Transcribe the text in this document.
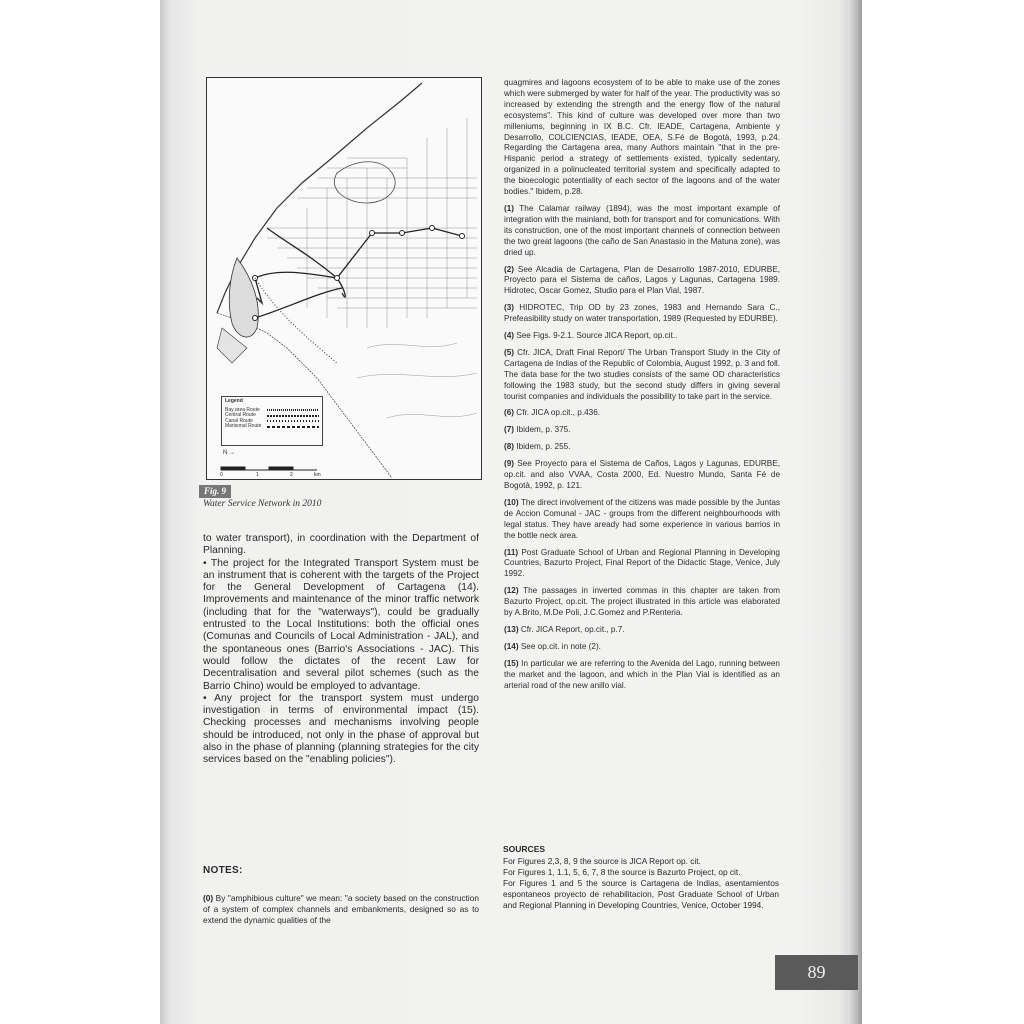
Legend
Bay area Route
Central Route
Canal Route
Marisonal Route
N →
0	1	2	km
Fig. 9
Water Service Network in 2010

to water transport), in coordination with the Department of Planning.

• The project for the Integrated Transport System must be an instrument that is coherent with the targets of the Project for the General Development of Cartagena (14). Improvements and maintenance of the minor traffic network (including that for the "waterways"), could be gradually entrusted to the Local Institutions: both the official ones (Comunas and Councils of Local Administration - JAL), and the spontaneous ones (Barrio's Associations - JAC). This would follow the dictates of the recent Law for Decentralisation and several pilot schemes (such as the Barrio Chino) would be employed to advantage.

• Any project for the transport system must undergo investigation in terms of environmental impact (15). Checking processes and mechanisms involving people should be introduced, not only in the phase of approval but also in the phase of planning (planning strategies for the city services based on the "enabling policies").

NOTES:
(0) By "amphibious culture" we mean: "a society based on the construction of a system of complex channels and embankments, designed so as to extend the dynamic qualities of the

quagmires and lagoons ecosystem of to be able to make use of the zones which were submerged by water for half of the year. The productivity was so increased by extending the strength and the energy flow of the natural ecosystems". This kind of culture was developed over more than two milleniums, beginning in IX B.C. Cfr. IEADE, Cartagena, Ambiente y Desarrollo, COLCIENCIAS, IEADE, OEA, S.Fé de Bogotà, 1993, p.24. Regarding the Cartagena area, many Authors maintain "that in the pre-Hispanic period a strategy of settlements existed, typically sedentary, organized in a polinucleated territorial system and specifically adapted to the bioecologic potentiality of each sector of the lagoons and of the water bodies." Ibidem, p.28.

(1) The Calamar railway (1894), was the most important example of integration with the mainland, both for transport and for comunications. With its construction, one of the most important channels of connection between the two great lagoons (the caño de San Anastasio in the Matuna zone), was dried up.

(2) See Alcadia de Cartagena, Plan de Desarrollo 1987-2010, EDURBE, Proyecto para el Sistema de caños, Lagos y Lagunas, Cartagena 1989. Hidrotec, Oscar Gomez, Studio para el Plan Vial, 1987.

(3) HIDROTEC, Trip OD by 23 zones, 1983 and Hernando Sara C., Prefeasibility study on water transportation, 1989 (Requested by EDURBE).

(4) See Figs. 9-2.1. Source JICA Report, op.cit..

(5) Cfr. JICA, Draft Final Report/ The Urban Transport Study in the City of Cartagena de Indias of the Republic of Colombia, August 1992, p. 3 and foll. The data base for the two studies consists of the same OD characteristics following the 1983 study, but the second study differs in giving several tourist companies and individuals the possibility to take part in the service.

(6) Cfr. JICA op.cit., p.436.

(7) Ibidem, p. 375.

(8) Ibidem, p. 255.

(9) See Proyecto para el Sistema de Caños, Lagos y Lagunas, EDURBE, op.cit. and also VVAA, Costa 2000, Ed. Nuestro Mundo, Santa Fé de Bogotà, 1992, p. 121.

(10) The direct involvement of the citizens was made possible by the Juntas de Accion Comunal - JAC - groups from the different neighbourhoods with legal status. They have aready had some experience in various barrios in the bottle neck area.

(11) Post Graduate School of Urban and Regional Planning in Developing Countries, Bazurto Project, Final Report of the Didactic Stage, Venice, July 1992.

(12) The passages in inverted commas in this chapter are taken from Bazurto Project, op.cit. The project illustrated in this article was elaborated by A.Brito, M.De Poli, J.C.Gomez and P.Renteria.

(13) Cfr. JICA Report, op.cit., p.7.

(14) See op.cit. in note (2).

(15) In particular we are referring to the Avenida del Lago, running between the market and the lagoon, and which in the Plan Vial is identified as an arterial road of the new anillo vial.

SOURCES
For Figures 2,3, 8, 9 the source is JICA Report op. cit.
For Figures 1, 1.1, 5, 6, 7, 8 the source is Bazurto Project, op cit.
For Figures 1 and 5 the source is Cartagena de Indias, asentamientos espontaneos proyecto de rehabilitacion, Post Graduate School of Urban and Regional Planning in Developing Countries, Venice, October 1994.
89
